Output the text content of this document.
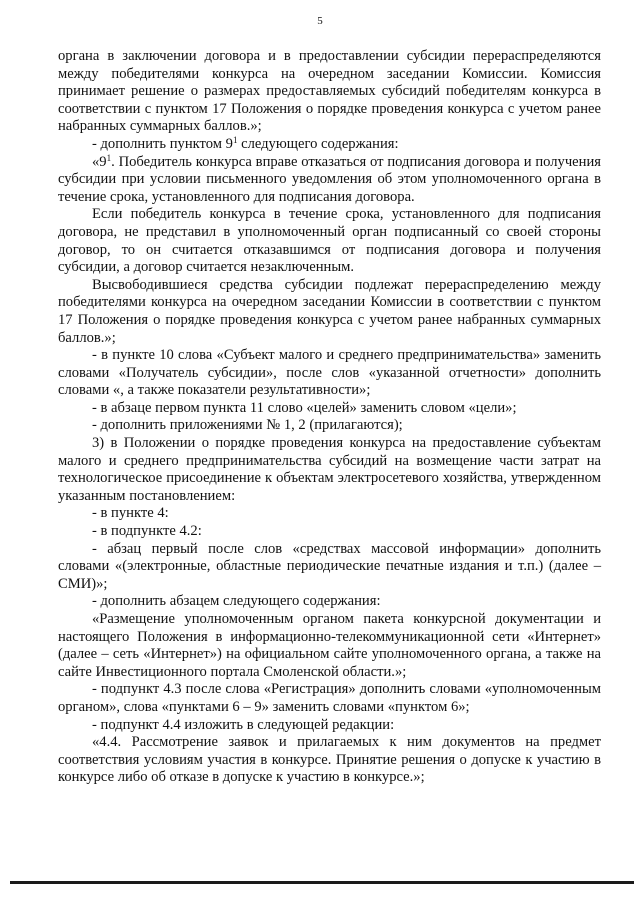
5

органа в заключении договора и в предоставлении субсидии перераспределяются между победителями конкурса на очередном заседании Комиссии. Комиссия принимает решение о размерах предоставляемых субсидий победителям конкурса в соответствии с пунктом 17 Положения о порядке проведения конкурса с учетом ранее набранных суммарных баллов.»;

- дополнить пунктом $9^1$ следующего содержания:

«$9^1$. Победитель конкурса вправе отказаться от подписания договора и получения субсидии при условии письменного уведомления об этом уполномоченного органа в течение срока, установленного для подписания договора.

Если победитель конкурса в течение срока, установленного для подписания договора, не представил в уполномоченный орган подписанный со своей стороны договор, то он считается отказавшимся от подписания договора и получения субсидии, а договор считается незаключенным.

Высвободившиеся средства субсидии подлежат перераспределению между победителями конкурса на очередном заседании Комиссии в соответствии с пунктом 17 Положения о порядке проведения конкурса с учетом ранее набранных суммарных баллов.»;

- в пункте 10 слова «Субъект малого и среднего предпринимательства» заменить словами «Получатель субсидии», после слов «указанной отчетности» дополнить словами «, а также показатели результативности»;

- в абзаце первом пункта 11 слово «целей» заменить словом «цели»;

- дополнить приложениями № 1, 2 (прилагаются);

3) в Положении о порядке проведения конкурса на предоставление субъектам малого и среднего предпринимательства субсидий на возмещение части затрат на технологическое присоединение к объектам электросетевого хозяйства, утвержденном указанным постановлением:

- в пункте 4:

- в подпункте 4.2:

- абзац первый после слов «средствах массовой информации» дополнить словами «(электронные, областные периодические печатные издания и т.п.) (далее – СМИ)»;

- дополнить абзацем следующего содержания:

«Размещение уполномоченным органом пакета конкурсной документации и настоящего Положения в информационно-телекоммуникационной сети «Интернет» (далее – сеть «Интернет») на официальном сайте уполномоченного органа, а также на сайте Инвестиционного портала Смоленской области.»;

- подпункт 4.3 после слова «Регистрация» дополнить словами «уполномоченным органом», слова «пунктами 6 – 9» заменить словами «пунктом 6»;

- подпункт 4.4 изложить в следующей редакции:

«4.4. Рассмотрение заявок и прилагаемых к ним документов на предмет соответствия условиям участия в конкурсе. Принятие решения о допуске к участию в конкурсе либо об отказе в допуске к участию в конкурсе.»;
